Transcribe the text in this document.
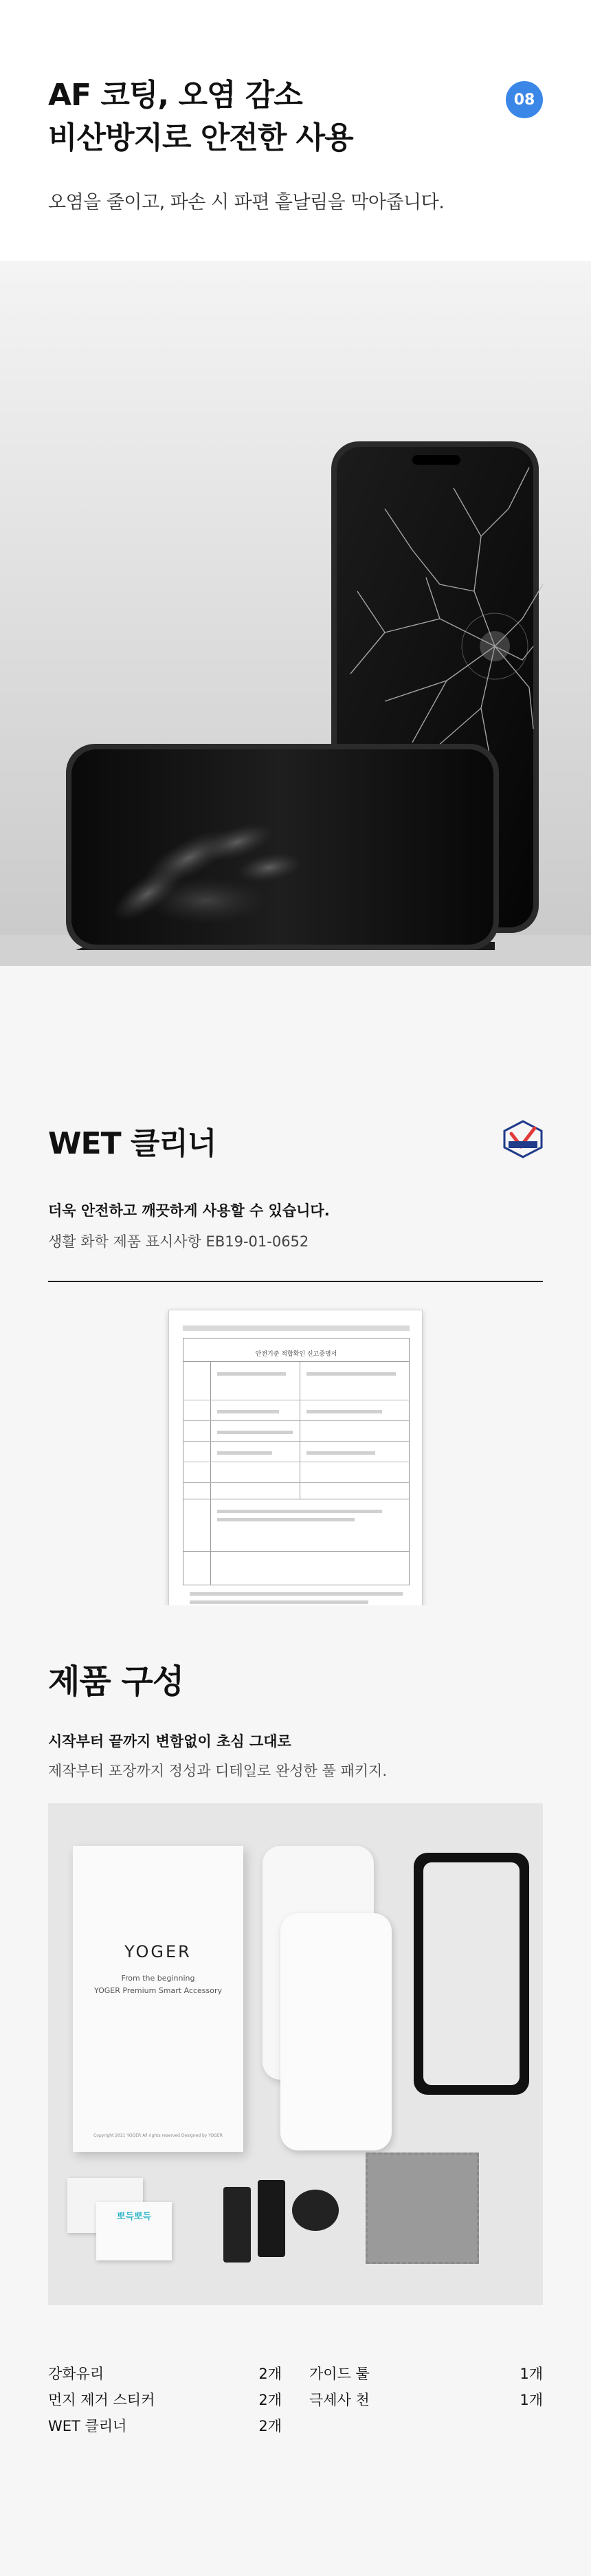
AF 코팅, 오염 감소
비산방지로 안전한 사용
08

오염을 줄이고, 파손 시 파편 흩날림을 막아줍니다.

WET 클리너

더욱 안전하고 깨끗하게 사용할 수 있습니다.

생활 화학 제품 표시사항 EB19-01-0652

안전기준 적합확인 신고증명서
제품 구성

시작부터 끝까지 변함없이 초심 그대로

제작부터 포장까지 정성과 디테일로 완성한 풀 패키지.

YOGER
From the beginning
YOGER Premium Smart Accessory
Copyright 2021 YOGER All rights reserved Designed by YOGER
뽀득뽀득
강화유리	2개 가이드 툴	1개
먼지 제거 스티커	2개 극세사 천	1개
WET 클리너	2개
